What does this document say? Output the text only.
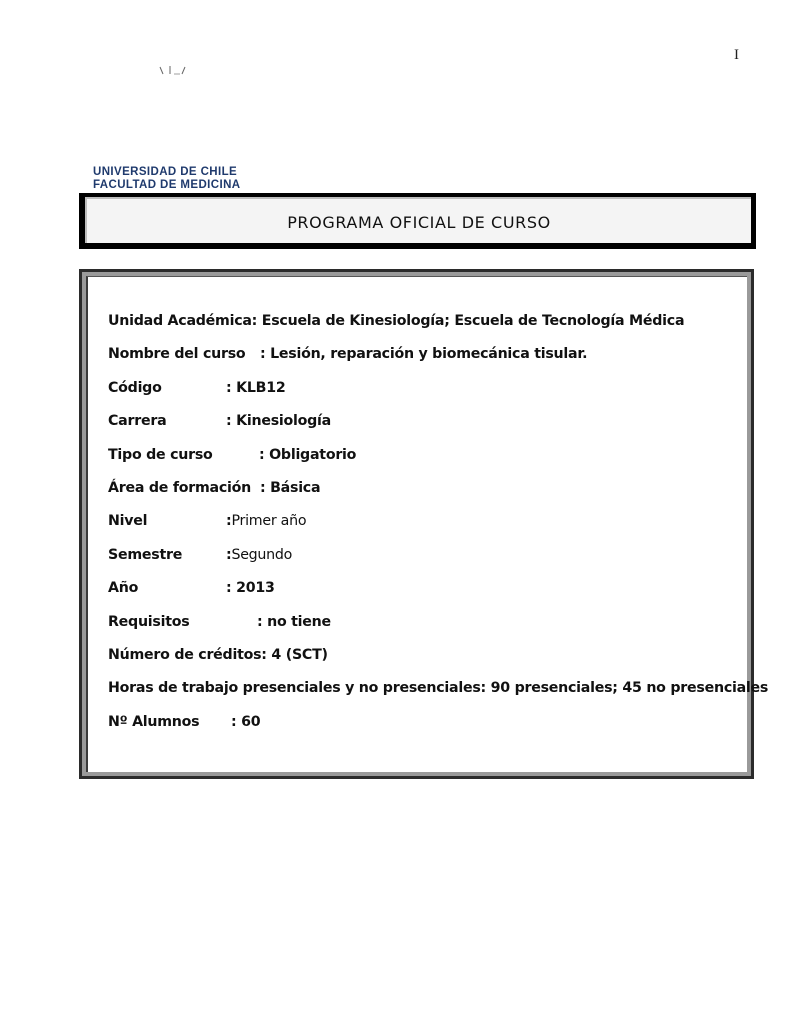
I
UNIVERSIDAD DE CHILE
FACULTAD DE MEDICINA
PROGRAMA OFICIAL DE CURSO
Unidad Académica: Escuela de Kinesiología; Escuela de Tecnología Médica
Nombre del curso : Lesión, reparación y biomecánica tisular.
Código	: KLB12
Carrera	: Kinesiología
Tipo de curso	: Obligatorio
Área de formación : Básica
Nivel	:Primer año
Semestre	:Segundo
Año	: 2013
Requisitos	: no tiene
Número de créditos: 4 (SCT)
Horas de trabajo presenciales y no presenciales: 90 presenciales; 45 no presenciales
Nº Alumnos : 60
